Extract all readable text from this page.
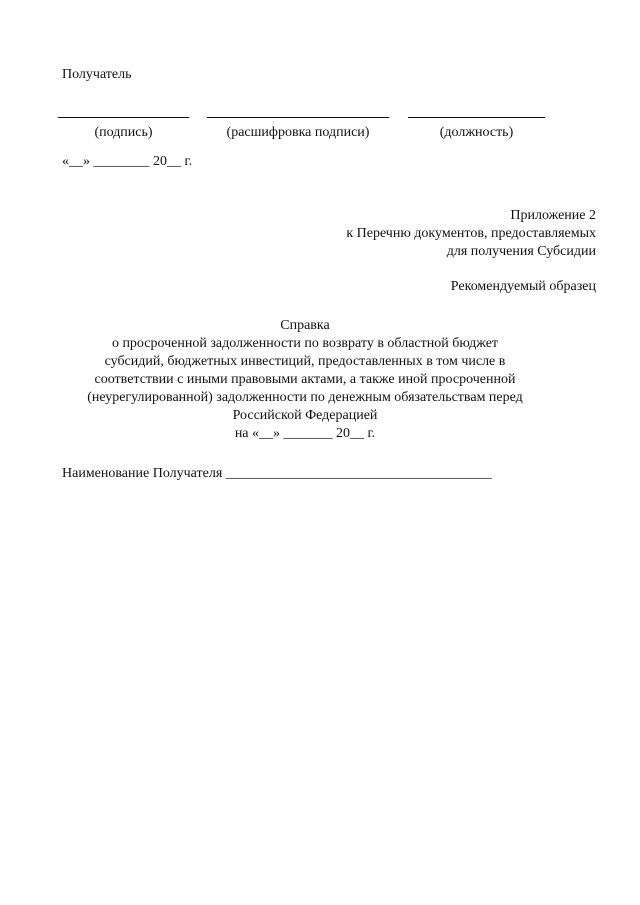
Получатель
(подпись)	(расшифровка подписи)	(должность)
«__» ________ 20__ г.
Приложение 2
к Перечню документов, предоставляемых
для получения Субсидии
Рекомендуемый образец
Справка
о просроченной задолженности по возврату в областной бюджет
субсидий, бюджетных инвестиций, предоставленных в том числе в
соответствии с иными правовыми актами, а также иной просроченной
(неурегулированной) задолженности по денежным обязательствам перед
Российской Федерацией
на «__» _______ 20__ г.
Наименование Получателя ______________________________________
